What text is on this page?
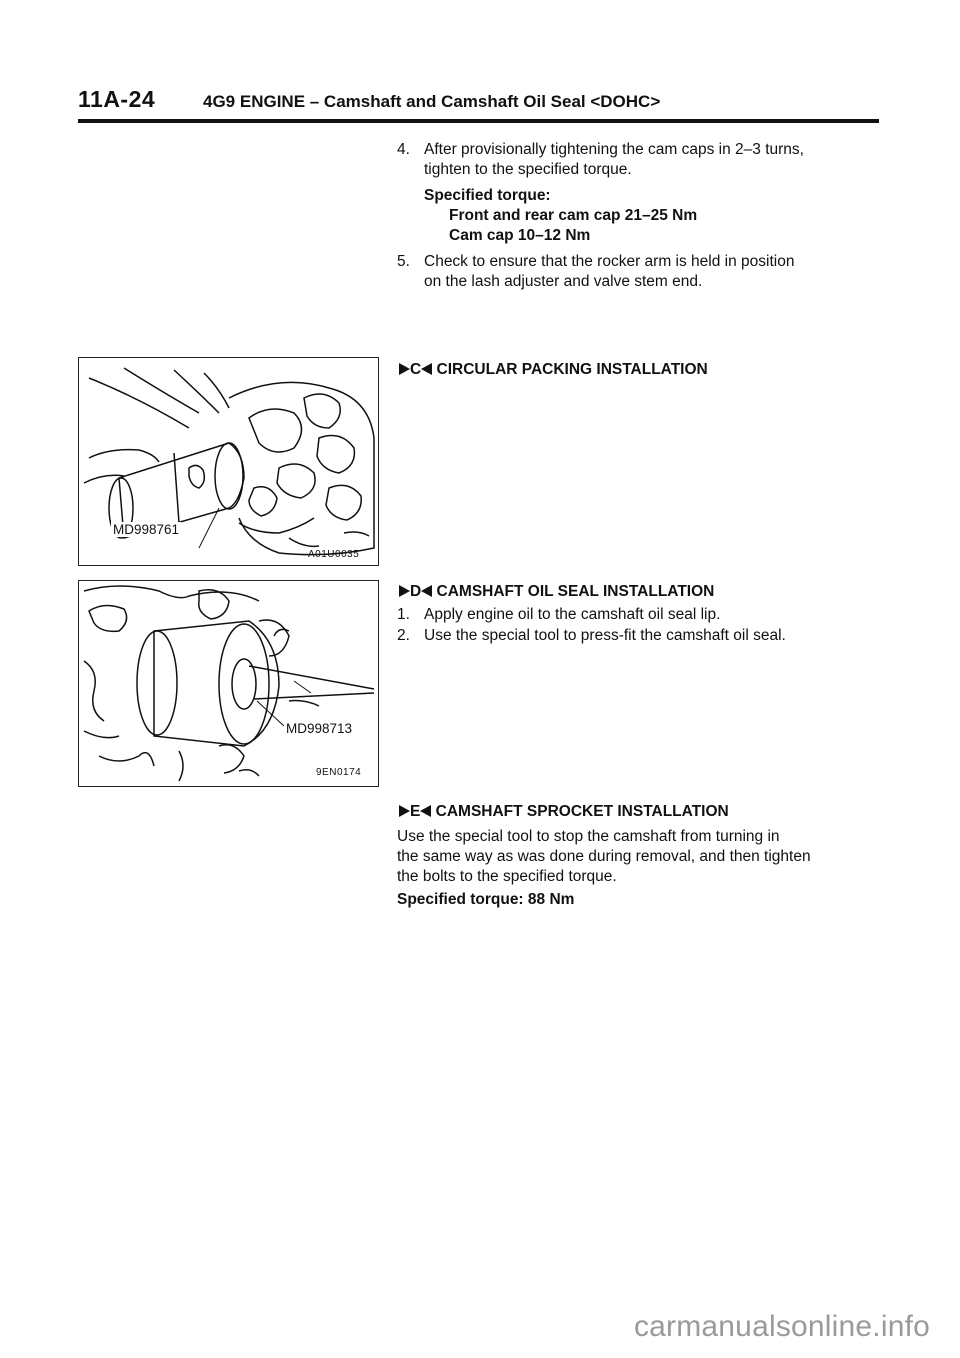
11A-24	4G9 ENGINE – Camshaft and Camshaft Oil Seal <DOHC>
4. After provisionally tightening the cam caps in 2–3 turns,
tighten to the specified torque.
Specified torque:
Front and rear cam cap 21–25 Nm
Cam cap 10–12 Nm
5. Check to ensure that the rocker arm is held in position
on the lash adjuster and valve stem end.
C CIRCULAR PACKING INSTALLATION
D CAMSHAFT OIL SEAL INSTALLATION
1. Apply engine oil to the camshaft oil seal lip.
2. Use the special tool to press-fit the camshaft oil seal.
E CAMSHAFT SPROCKET INSTALLATION
Use the special tool to stop the camshaft from turning in
the same way as was done during removal, and then tighten
the bolts to the specified torque.
Specified torque: 88 Nm
MD998761
A01U0035
MD998713
9EN0174
carmanualsonline.info
